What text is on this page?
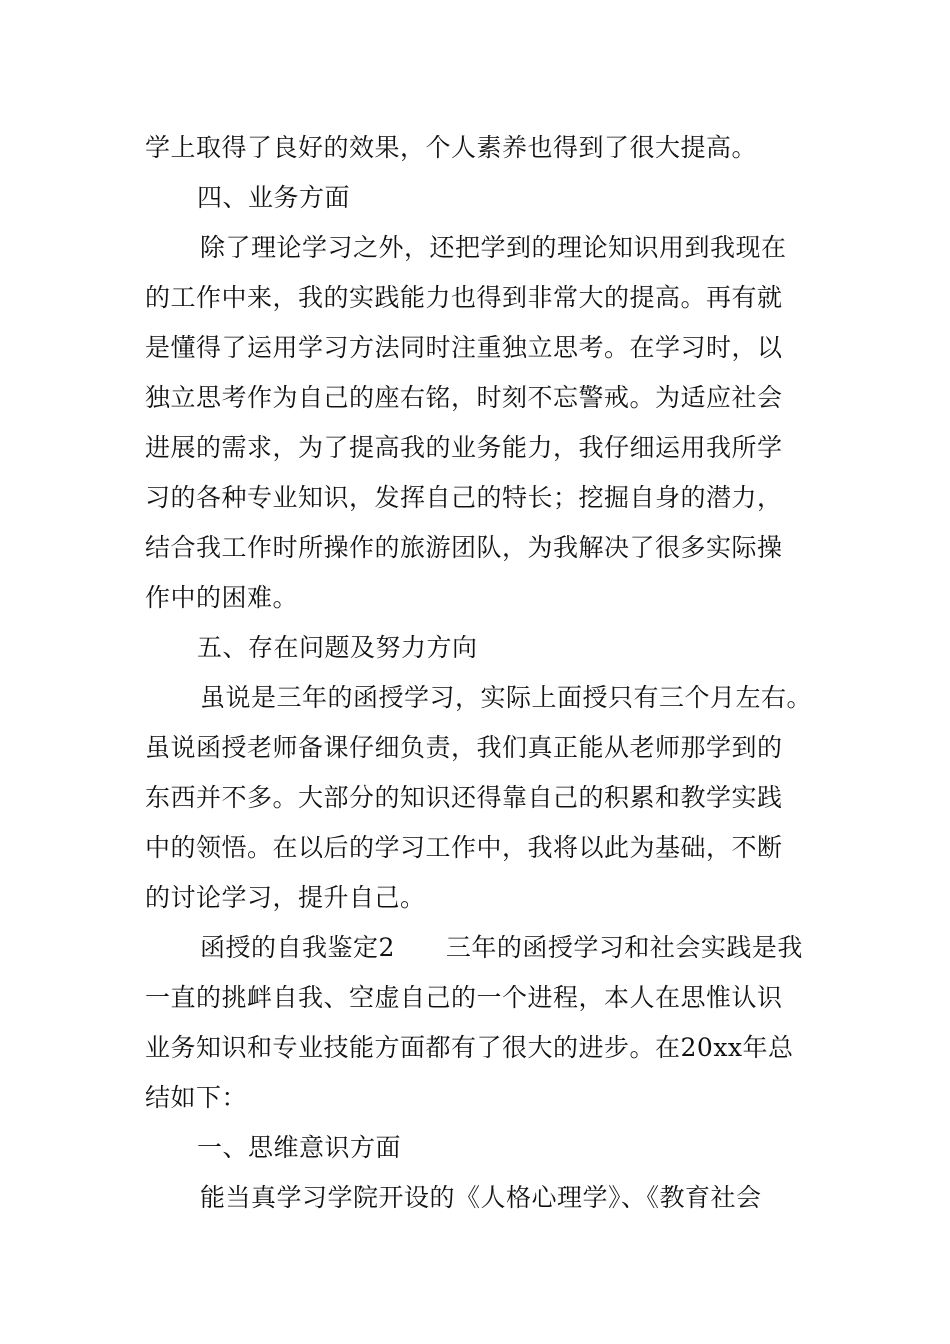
学上取得了良好的效果，个人素养也得到了很大提高。
四、业务方面
除了理论学习之外，还把学到的理论知识用到我现在
的工作中来，我的实践能力也得到非常大的提高。再有就
是懂得了运用学习方法同时注重独立思考。在学习时，以
独立思考作为自己的座右铭，时刻不忘警戒。为适应社会
进展的需求，为了提高我的业务能力，我仔细运用我所学
习的各种专业知识，发挥自己的特长；挖掘自身的潜力，
结合我工作时所操作的旅游团队，为我解决了很多实际操
作中的困难。
五、存在问题及努力方向
虽说是三年的函授学习，实际上面授只有三个月左右。
虽说函授老师备课仔细负责，我们真正能从老师那学到的
东西并不多。大部分的知识还得靠自己的积累和教学实践
中的领悟。在以后的学习工作中，我将以此为基础，不断
的讨论学习，提升自己。
函授的自我鉴定2　　三年的函授学习和社会实践是我
一直的挑衅自我、空虚自己的一个进程，本人在思惟认识
业务知识和专业技能方面都有了很大的进步。在20xx年总
结如下：
一、思维意识方面
能当真学习学院开设的《人格心理学》、《教育社会
